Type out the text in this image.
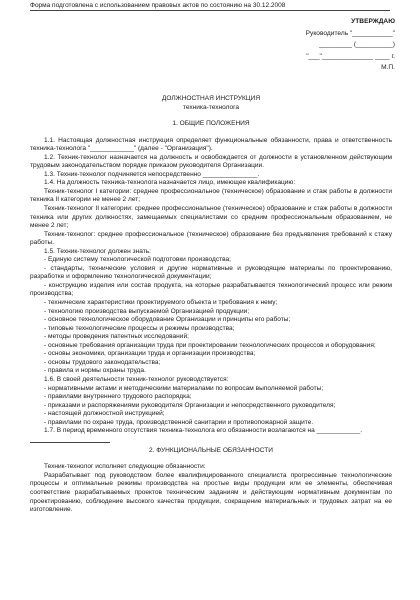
Форма подготовлена с использованием правовых актов по состоянию на 30.12.2008
УТВЕРЖДАЮ
Руководитель "___________"
_________ (__________)
"___"______________ ____ г.
М.П.

ДОЛЖНОСТНАЯ ИНСТРУКЦИЯ

техника-технолога

1. ОБЩИЕ ПОЛОЖЕНИЯ

1.1. Настоящая должностная инструкция определяет функциональные обязанности, права и ответственность техника-технолога "____________" (далее - "Организация").

1.2. Техник-технолог назначается на должность и освобождается от должности в установленном действующим трудовым законодательством порядке приказом руководителя Организации.

1.3. Техник-технолог подчиняется непосредственно _______________.

1.4. На должность техника-технолога назначается лицо, имеющее квалификацию:

Техник-технолог I категории: среднее профессиональное (техническое) образование и стаж работы в должности техника II категории не менее 2 лет;

Техник-технолог II категории: среднее профессиональное (техническое) образование и стаж работы в должности техника или других должностях, замещаемых специалистами со средним профессиональным образованием, не менее 2 лет;

Техник-технолог: среднее профессиональное (техническое) образование без предъявления требований к стажу работы.

1.5. Техник-технолог должен знать:

- Единую систему технологической подготовки производства;

- стандарты, технические условия и другие нормативные и руководящие материалы по проектированию, разработке и оформлению технологической документации;

- конструкцию изделия или состав продукта, на которые разрабатывается технологический процесс или режим производства;

- технические характеристики проектируемого объекта и требования к нему;

- технологию производства выпускаемой Организацией продукции;

- основное технологическое оборудование Организации и принципы его работы;

- типовые технологические процессы и режимы производства;

- методы проведения патентных исследований;

- основные требования организации труда при проектировании технологических процессов и оборудования;

- основы экономики, организации труда и организации производства;

- основы трудового законодательства;

- правила и нормы охраны труда.

1.6. В своей деятельности техник-технолог руководствуется:

- нормативными актами и методическими материалами по вопросам выполняемой работы;

- правилами внутреннего трудового распорядка;

- приказами и распоряжениями руководителя Организации и непосредственного руководителя;

- настоящей должностной инструкцией;

- правилами по охране труда, производственной санитарии и противопожарной защите.

1.7. В период временного отсутствия техника-технолога его обязанности возлагаются на ____________.

2. ФУНКЦИОНАЛЬНЫЕ ОБЯЗАННОСТИ

Техник-технолог исполняет следующие обязанности:

Разрабатывает под руководством более квалифицированного специалиста прогрессивные технологические процессы и оптимальные режимы производства на простые виды продукции или ее элементы, обеспечивая соответствие разрабатываемых проектов техническим заданиям и действующим нормативным документам по проектированию, соблюдение высокого качества продукции, сокращение материальных и трудовых затрат на ее изготовление.
